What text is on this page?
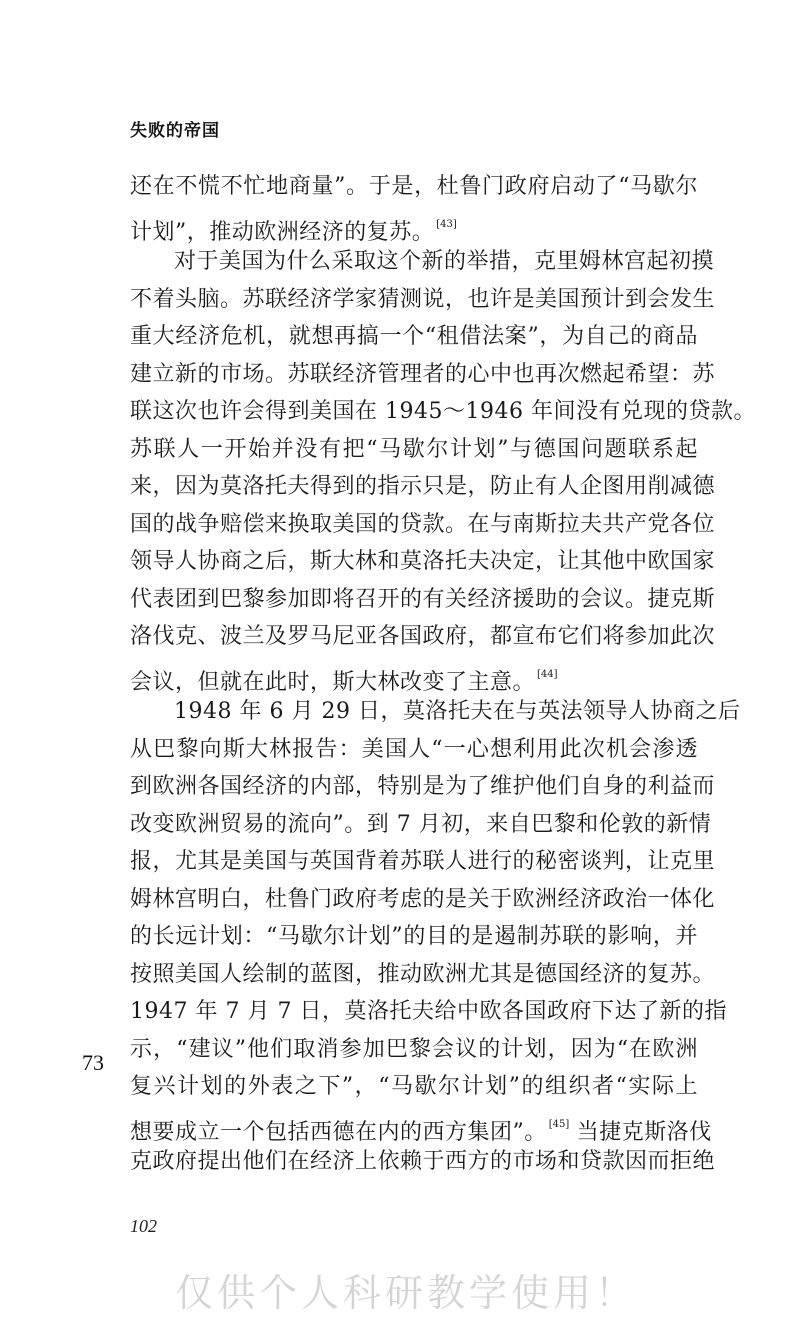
失败的帝国
还在不慌不忙地商量”。于是，杜鲁门政府启动了“马歇尔
计划”，推动欧洲经济的复苏。 [43]
对于美国为什么采取这个新的举措，克里姆林宫起初摸
不着头脑。苏联经济学家猜测说，也许是美国预计到会发生
重大经济危机，就想再搞一个“租借法案”，为自己的商品
建立新的市场。苏联经济管理者的心中也再次燃起希望：苏
联这次也许会得到美国在 1945～1946 年间没有兑现的贷款。
苏联人一开始并没有把“马歇尔计划”与德国问题联系起
来，因为莫洛托夫得到的指示只是，防止有人企图用削减德
国的战争赔偿来换取美国的贷款。在与南斯拉夫共产党各位
领导人协商之后，斯大林和莫洛托夫决定，让其他中欧国家
代表团到巴黎参加即将召开的有关经济援助的会议。捷克斯
洛伐克、波兰及罗马尼亚各国政府，都宣布它们将参加此次
会议，但就在此时，斯大林改变了主意。 [44]
1948 年 6 月 29 日，莫洛托夫在与英法领导人协商之后
从巴黎向斯大林报告：美国人“一心想利用此次机会渗透
到欧洲各国经济的内部，特别是为了维护他们自身的利益而
改变欧洲贸易的流向”。到 7 月初，来自巴黎和伦敦的新情
报，尤其是美国与英国背着苏联人进行的秘密谈判，让克里
姆林宫明白，杜鲁门政府考虑的是关于欧洲经济政治一体化
的长远计划：“马歇尔计划”的目的是遏制苏联的影响，并
按照美国人绘制的蓝图，推动欧洲尤其是德国经济的复苏。
1947 年 7 月 7 日，莫洛托夫给中欧各国政府下达了新的指
示，“建议”他们取消参加巴黎会议的计划，因为“在欧洲
复兴计划的外表之下”，“马歇尔计划”的组织者“实际上
想要成立一个包括西德在内的西方集团”。 [45] 当捷克斯洛伐
克政府提出他们在经济上依赖于西方的市场和贷款因而拒绝
73
102
仅供个人科研教学使用！
